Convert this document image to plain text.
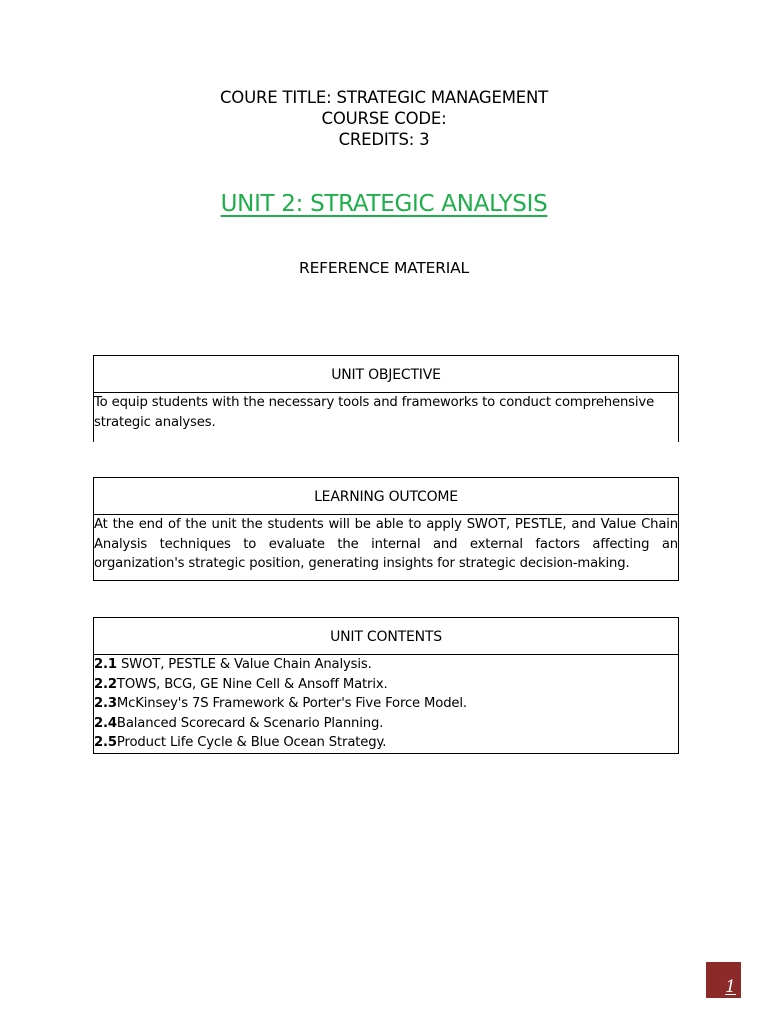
COURE TITLE: STRATEGIC MANAGEMENT
COURSE CODE:
CREDITS: 3
UNIT 2: STRATEGIC ANALYSIS
REFERENCE MATERIAL
UNIT OBJECTIVE
To equip students with the necessary tools and frameworks to conduct comprehensive strategic analyses.
LEARNING OUTCOME
At the end of the unit the students will be able to apply SWOT, PESTLE, and Value Chain Analysis techniques to evaluate the internal and external factors affecting an organization's strategic position, generating insights for strategic decision-making.
UNIT CONTENTS
2.1 SWOT, PESTLE & Value Chain Analysis.
2.2TOWS, BCG, GE Nine Cell & Ansoff Matrix.
2.3McKinsey's 7S Framework & Porter's Five Force Model.
2.4Balanced Scorecard & Scenario Planning.
2.5Product Life Cycle & Blue Ocean Strategy.
1
